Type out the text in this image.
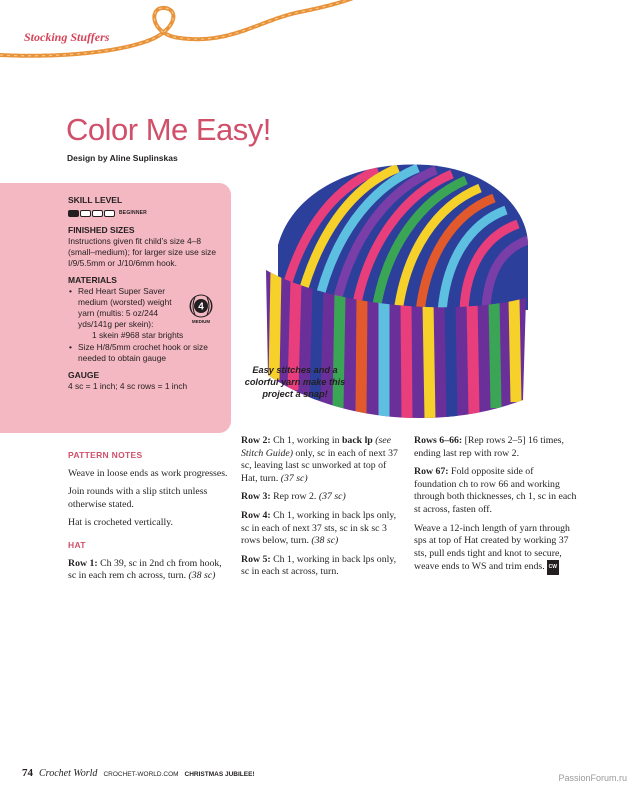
Stocking Stuffers
Color Me Easy!
Design by Aline Suplinskas

SKILL LEVEL

BEGINNER

FINISHED SIZES

Instructions given fit child’s size 4–8 (small–medium); for larger size use size I/9/5.5mm or J/10/6mm hook.

MATERIALS

• Red Heart Super Saver medium (worsted) weight yarn (multis: 5 oz/244 yds/141g per skein):
1 skein #968 star brights
• Size H/8/5mm crochet hook or size needed to obtain gauge

GAUGE

4 sc = 1 inch; 4 sc rows = 1 inch

4
MEDIUM
Easy stitches and a colorful yarn make this project a snap!

PATTERN NOTES

Weave in loose ends as work progresses.

Join rounds with a slip stitch unless otherwise stated.

Hat is crocheted vertically.

HAT

Row 1: Ch 39, sc in 2nd ch from hook, sc in each rem ch across, turn. (38 sc)

Row 2: Ch 1, working in back lp (see Stitch Guide) only, sc in each of next 37 sc, leaving last sc unworked at top of Hat, turn. (37 sc)

Row 3: Rep row 2. (37 sc)

Row 4: Ch 1, working in back lps only, sc in each of next 37 sts, sc in sk sc 3 rows below, turn. (38 sc)

Row 5: Ch 1, working in back lps only, sc in each st across, turn.

Rows 6–66: [Rep rows 2–5] 16 times, ending last rep with row 2.

Row 67: Fold opposite side of foundation ch to row 66 and working through both thicknesses, ch 1, sc in each st across, fasten off.

Weave a 12-inch length of yarn through sps at top of Hat created by working 37 sts, pull ends tight and knot to secure, weave ends to WS and trim ends. CW

74 Crochet World CROCHET-WORLD.COM CHRISTMAS JUBILEE!	PassionForum.ru
